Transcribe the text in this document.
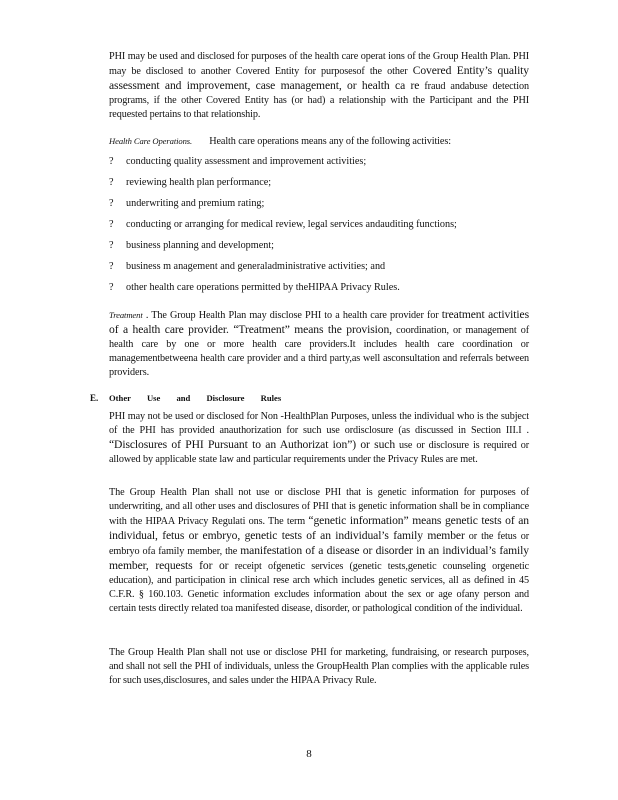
PHI may be used and disclosed for purposes of the health care operat ions of the Group Health Plan. PHI may be disclosed to another Covered Entity for purposesof the other Covered Entity’s quality assessment and improvement, case management, or health ca re fraud andabuse detection programs, if the other Covered Entity has (or had) a relationship with the Participant and the PHI requested pertains to that relationship.
Health Care Operations. Health care operations means any of the following activities:
?	conducting quality assessment and improvement activities;
?	reviewing health plan performance;
?	underwriting and premium rating;
?	conducting or arranging for medical review, legal services andauditing functions;
?	business planning and development;
?	business m anagement and generaladministrative activities; and
?	other health care operations permitted by theHIPAA Privacy Rules.
Treatment . The Group Health Plan may disclose PHI to a health care provider for treatment activities of a health care provider. “Treatment” means the provision, coordination, or management of health care by one or more health care providers.It includes health care coordination or managementbetweena health care provider and a third party,as well asconsultation and referrals between providers.
E. Other Use and Disclosure Rules
PHI may not be used or disclosed for Non -HealthPlan Purposes, unless the individual who is the subject of the PHI has provided anauthorization for such use ordisclosure (as discussed in Section III.I . “Disclosures of PHI Pursuant to an Authorizat ion”) or such use or disclosure is required or allowed by applicable state law and particular requirements under the Privacy Rules are met.
The Group Health Plan shall not use or disclose PHI that is genetic information for purposes of underwriting, and all other uses and disclosures of PHI that is genetic information shall be in compliance with the HIPAA Privacy Regulati ons. The term “genetic information” means genetic tests of an individual, fetus or embryo, genetic tests of an individual’s family member or the fetus or embryo ofa family member, the manifestation of a disease or disorder in an individual’s family member, requests for or receipt ofgenetic services (genetic tests,genetic counseling orgenetic education), and participation in clinical rese arch which includes genetic services, all as defined in 45 C.F.R. § 160.103. Genetic information excludes information about the sex or age ofany person and certain tests directly related toa manifested disease, disorder, or pathological condition of the individual.
The Group Health Plan shall not use or disclose PHI for marketing, fundraising, or research purposes, and shall not sell the PHI of individuals, unless the GroupHealth Plan complies with the applicable rules for such uses,disclosures, and sales under the HIPAA Privacy Rule.
8
